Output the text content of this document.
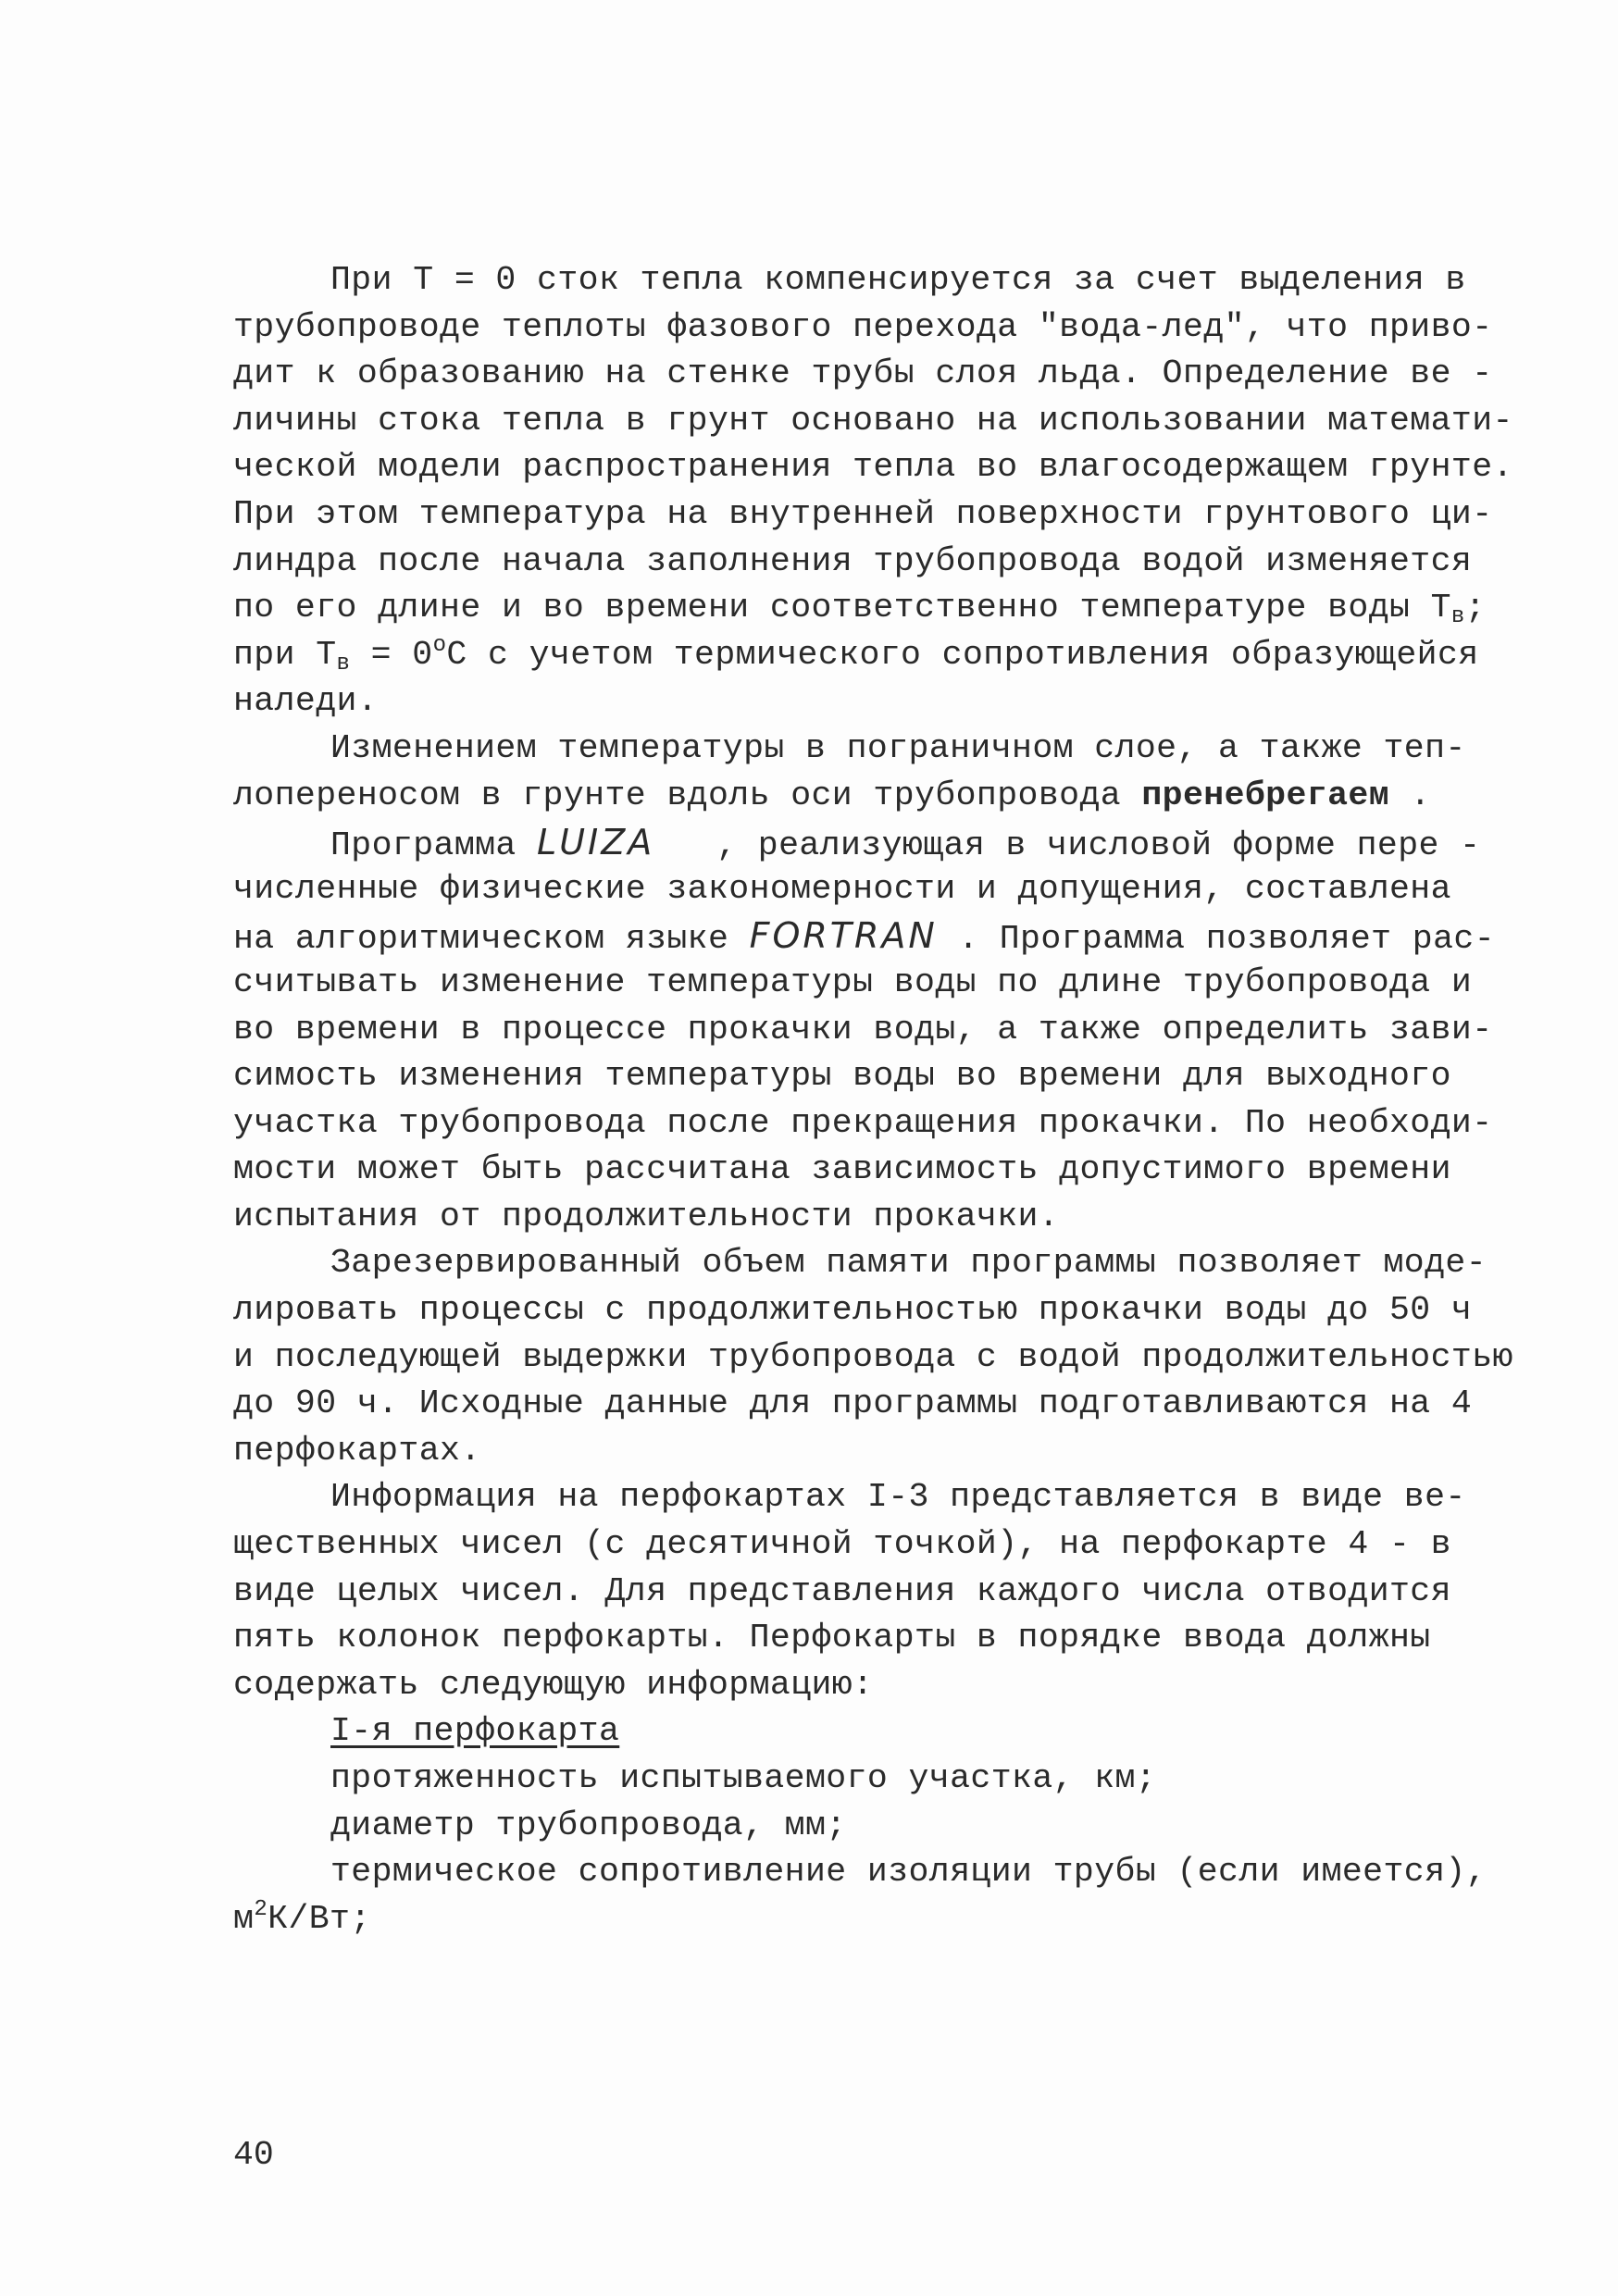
При Т = 0 сток тепла компенсируется за счет выделения в
трубопроводе теплоты фазового перехода "вода-лед", что приво-
дит к образованию на стенке трубы слоя льда. Определение ве -
личины стока тепла в грунт основано на использовании математи-
ческой модели распространения тепла во влагосодержащем грунте.
При этом температура на внутренней поверхности грунтового ци-
линдра после начала заполнения трубопровода водой изменяется
по его длине и во времени соответственно температуре воды $Т_в$;
при $Т_в = 0^оС$ с учетом термического сопротивления образующейся
наледи.
Изменением температуры в пограничном слое, а также теп-
лопереносом в грунте вдоль оси трубопровода пренебрегаем .
Программа LUIZA   , реализующая в числовой форме пере -
численные физические закономерности и допущения, составлена
на алгоритмическом языке FORTRAN . Программа позволяет рас-
считывать изменение температуры воды по длине трубопровода и
во времени в процессе прокачки воды, а также определить зави-
симость изменения температуры воды во времени для выходного
участка трубопровода после прекращения прокачки. По необходи-
мости может быть рассчитана зависимость допустимого времени
испытания от продолжительности прокачки.
Зарезервированный объем памяти программы позволяет моде-
лировать процессы с продолжительностью прокачки воды до 50 ч
и последующей выдержки трубопровода с водой продолжительностью
до 90 ч. Исходные данные для программы подготавливаются на 4
перфокартах.
Информация на перфокартах I-3 представляется в виде ве-
щественных чисел (с десятичной точкой), на перфокарте 4 - в
виде целых чисел. Для представления каждого числа отводится
пять колонок перфокарты. Перфокарты в порядке ввода должны
содержать следующую информацию:
I-я перфокарта
протяженность испытываемого участка, км;
диаметр трубопровода, мм;
термическое сопротивление изоляции трубы (если имеется),
$м^2К/Вт$;
40
